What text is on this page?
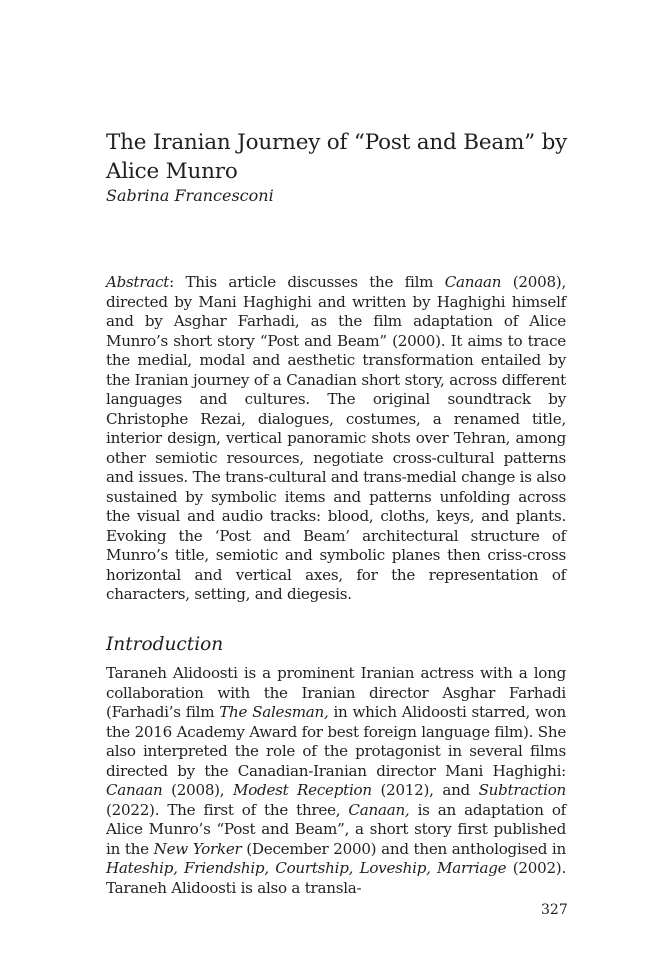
The Iranian Journey of “Post and Beam” by Alice Munro
Sabrina Francesconi

Abstract: This article discusses the film Canaan (2008), directed by Mani Haghighi and written by Haghighi himself and by Asghar Farhadi, as the film adaptation of Alice Munro’s short story “Post and Beam” (2000). It aims to trace the medial, modal and aesthetic transformation entailed by the Iranian journey of a Canadian short story, across different languages and cultures. The original soundtrack by Christophe Rezai, dialogues, costumes, a renamed title, interior design, vertical panoramic shots over Tehran, among other semiotic resources, negotiate cross-cultural patterns and issues. The trans-cultural and trans-medial change is also sustained by symbolic items and patterns unfolding across the visual and audio tracks: blood, cloths, keys, and plants. Evoking the ‘Post and Beam’ architectural structure of Munro’s title, semiotic and symbolic planes then criss-cross horizontal and vertical axes, for the representation of characters, setting, and diegesis.

Introduction

Taraneh Alidoosti is a prominent Iranian actress with a long collaboration with the Iranian director Asghar Farhadi (Farhadi’s film The Salesman, in which Alidoosti starred, won the 2016 Academy Award for best foreign language film). She also interpreted the role of the protagonist in several films directed by the Canadian-Iranian director Mani Haghighi: Canaan (2008), Modest Reception (2012), and Subtraction (2022). The first of the three, Canaan, is an adaptation of Alice Munro’s “Post and Beam”, a short story first published in the New Yorker (December 2000) and then anthologised in Hateship, Friendship, Courtship, Loveship, Marriage (2002). Taraneh Alidoosti is also a transla-

327
